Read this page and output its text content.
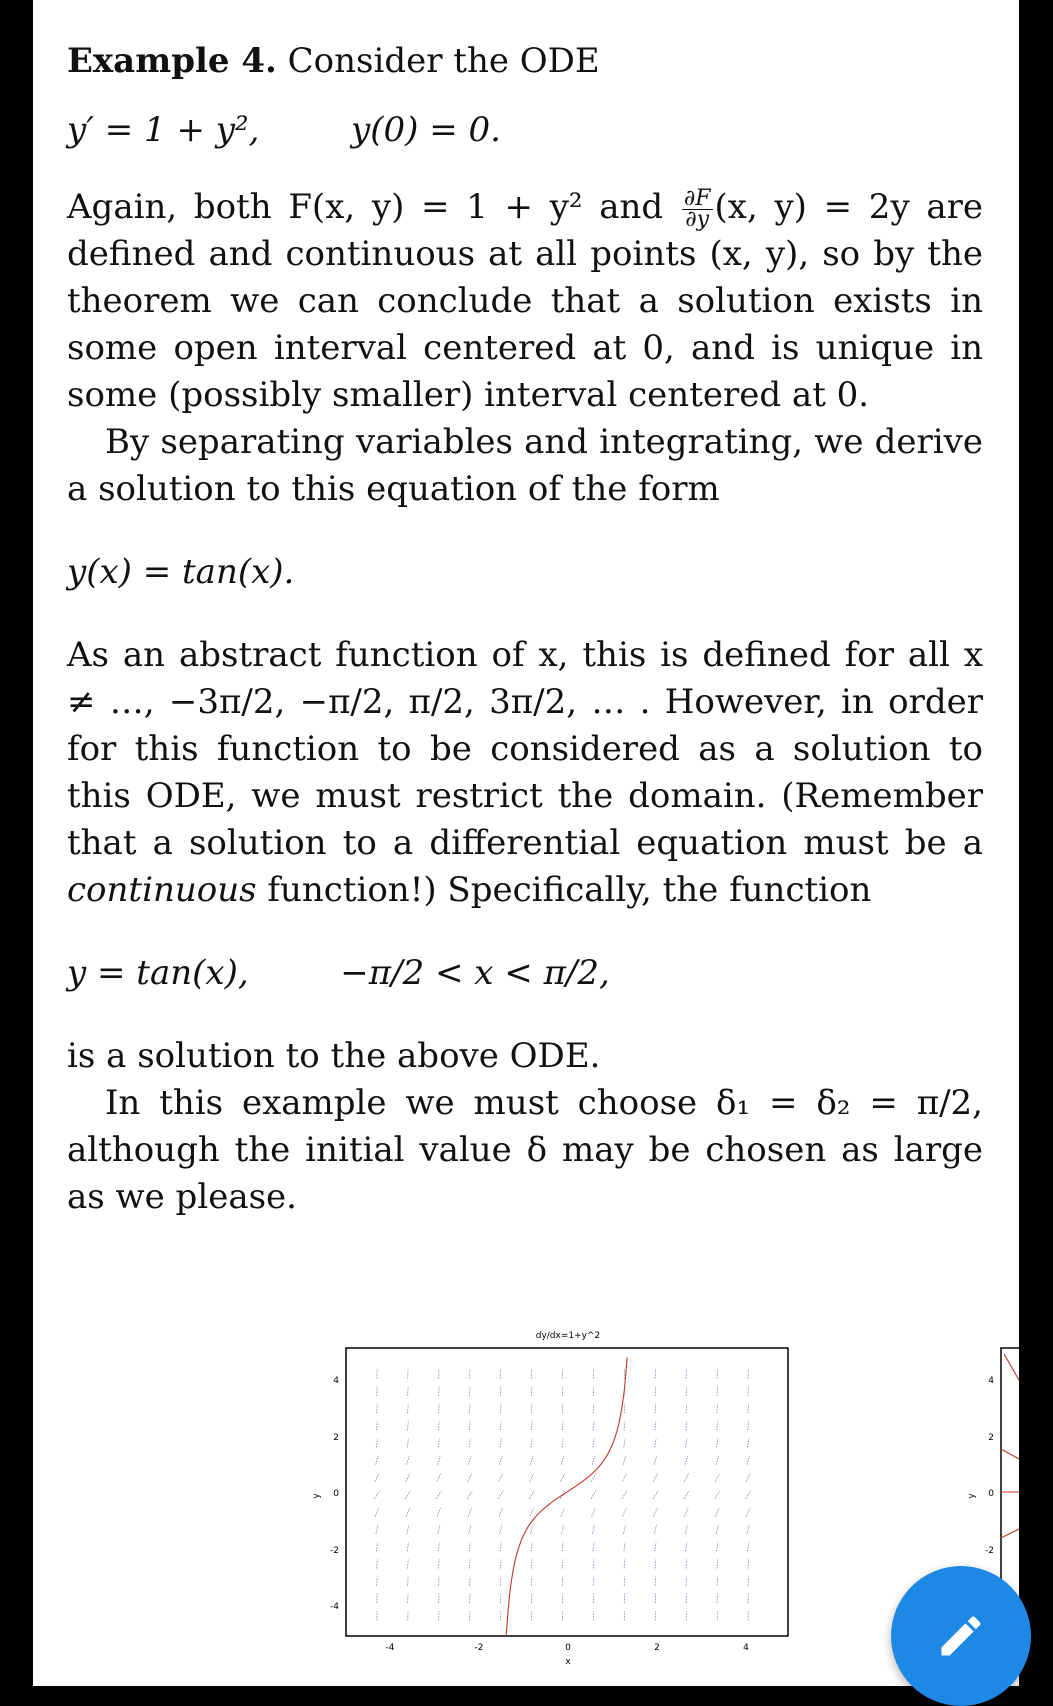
Example 4. Consider the ODE

y′ = 1 + y²,	y(0) = 0.

Again, both F(x, y) = 1 + y² and $\frac{\partial F}{\partial y} (x$, y) = 2y are defined and continuous at all points (x, y), so by the theorem we can conclude that a solution exists in some open interval centered at 0, and is unique in some (possibly smaller) interval centered at 0.

By separating variables and integrating, we derive a solution to this equation of the form

y(x) = tan(x).

As an abstract function of x, this is defined for all x ≠ …, −3π/2, −π/2, π/2, 3π/2, … . However, in order for this function to be considered as a solution to this ODE, we must restrict the domain. (Remember that a solution to a differential equation must be a continuous function!) Specifically, the function

y = tan(x),	−π/2 < x < π/2,

is a solution to the above ODE.

In this example we must choose δ₁ = δ₂ = π/2, although the initial value δ may be chosen as large as we please.

dy/dx=1+y^2
-4	-2	0	2	4
x
4
2
0
-2
-4
y
4
2
0
-2
y
